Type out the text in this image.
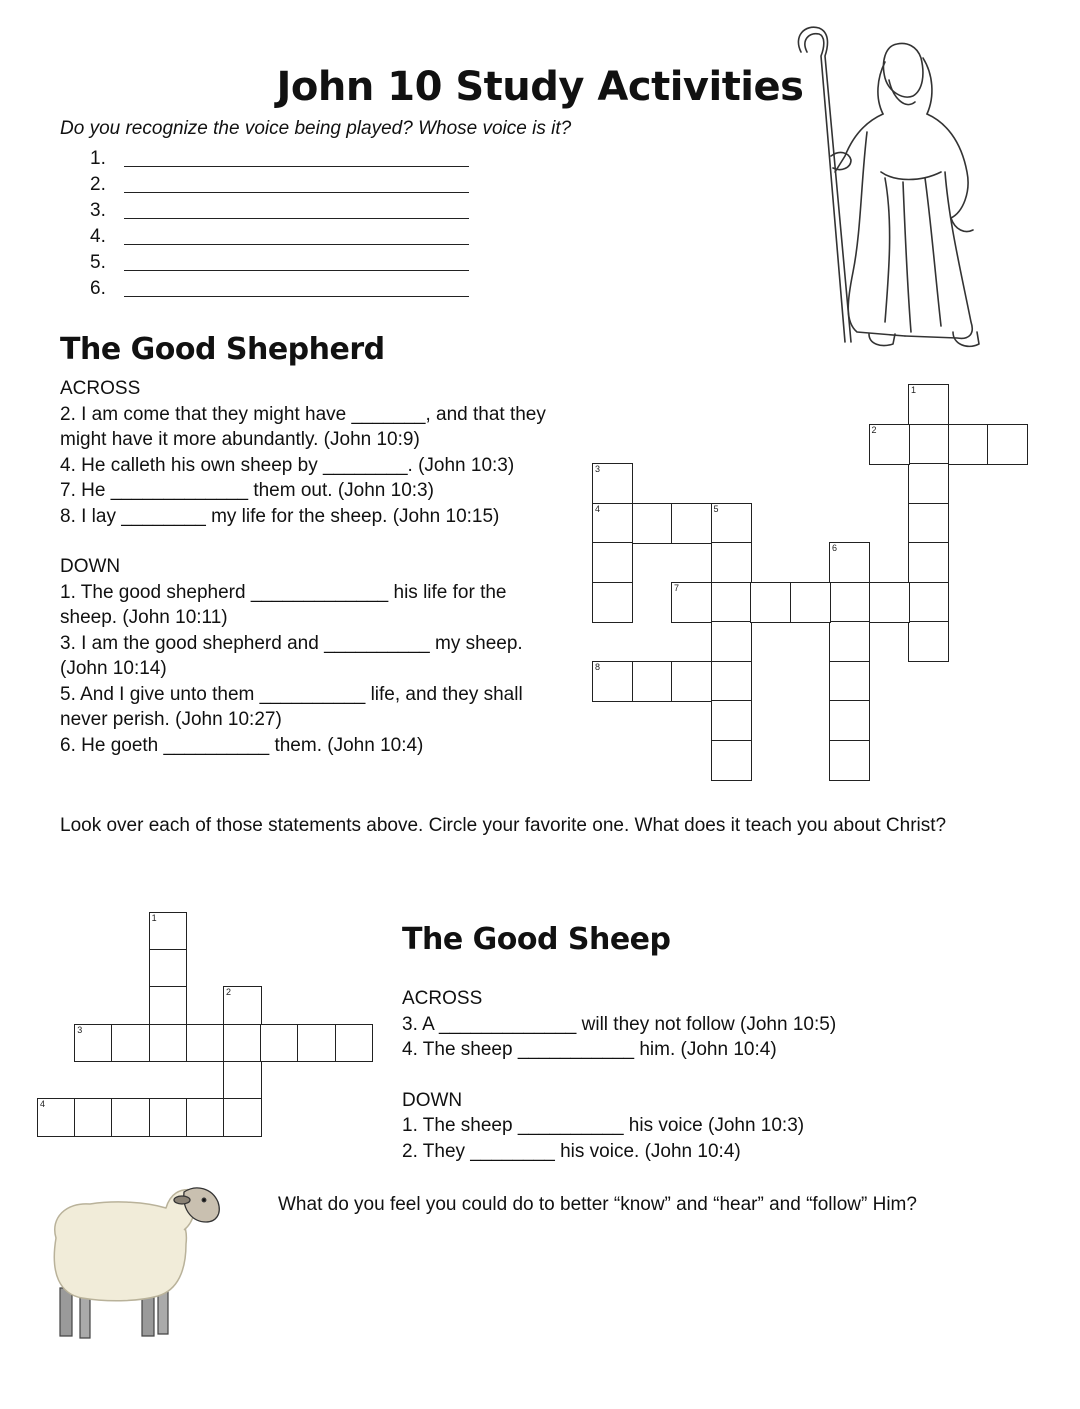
John 10 Study Activities
Do you recognize the voice being played? Whose voice is it?
1.
2.
3.
4.
5.
6.
The Good Shepherd

ACROSS

2. I am come that they might have _______, and that they might have it more abundantly. (John 10:9)

4. He calleth his own sheep by ________. (John 10:3)

7. He _____________ them out. (John 10:3)

8. I lay ________ my life for the sheep. (John 10:15)

DOWN

1. The good shepherd _____________ his life for the sheep. (John 10:11)

3. I am the good shepherd and __________ my sheep. (John 10:14)

5. And I give unto them __________ life, and they shall never perish. (John 10:27)

6. He goeth __________ them. (John 10:4)

1
2
3
4	5
6
7
8
Look over each of those statements above. Circle your favorite one. What does it teach you about Christ?
1
2
3
4
The Good Sheep

ACROSS

3. A _____________ will they not follow (John 10:5)

4. The sheep ___________ him. (John 10:4)

DOWN

1. The sheep __________ his voice (John 10:3)

2. They ________ his voice. (John 10:4)

What do you feel you could do to better “know” and “hear” and “follow” Him?
